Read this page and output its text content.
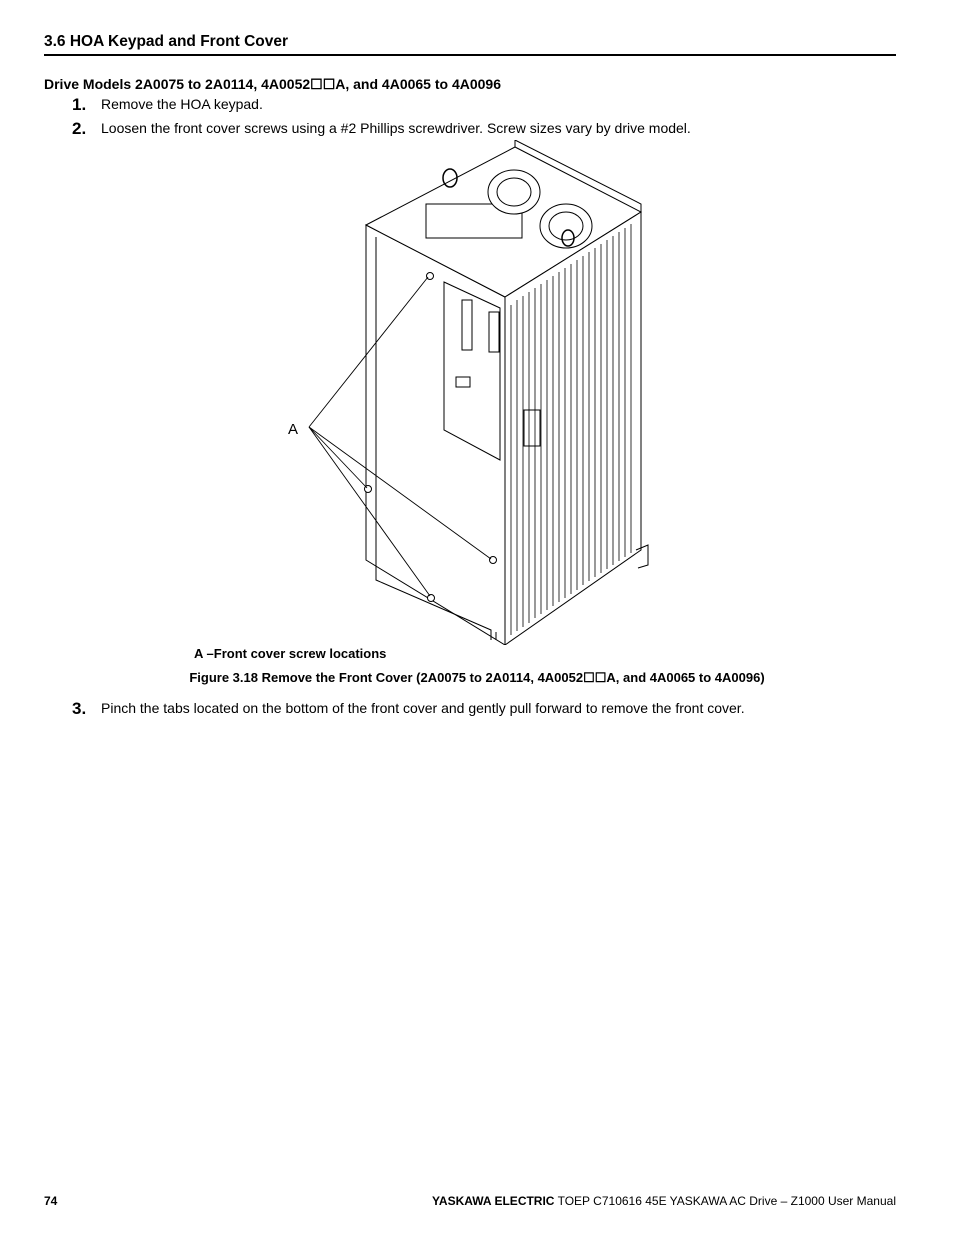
3.6 HOA Keypad and Front Cover
Drive Models 2A0075 to 2A0114, 4A0052☐☐A, and 4A0065 to 4A0096
1. Remove the HOA keypad.
2. Loosen the front cover screws using a #2 Phillips screwdriver. Screw sizes vary by drive model.
A
A –Front cover screw locations
Figure 3.18 Remove the Front Cover (2A0075 to 2A0114, 4A0052☐☐A, and 4A0065 to 4A0096)
3. Pinch the tabs located on the bottom of the front cover and gently pull forward to remove the front cover.
74	YASKAWA ELECTRIC TOEP C710616 45E YASKAWA AC Drive – Z1000 User Manual
